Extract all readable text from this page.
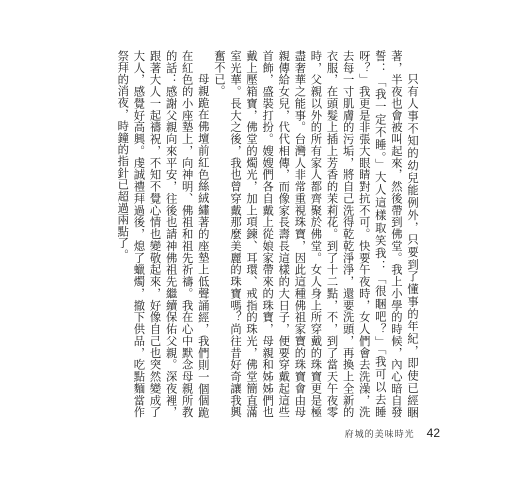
只有人事不知的幼兒能例外，只要到了懂事的年紀，即使已經睏著，半夜也會被叫起來，然後帶到佛堂。我上小學的時候，內心暗自發誓：「我一定不睡。」大人這樣取笑我：「很睏吧？」「我可以去睡呀？」我更是非張大眼睛對抗不可。快要午夜時，女人們會去洗澡，洗去每一寸肌膚的污垢，將自己洗得乾乾淨淨，還要洗頭，再換上全新的衣服，在頭髮上插上芳香的茉莉花。到了十二點，不，到了當天午夜零時，父親以外的所有家人都齊聚於佛堂。女人身上所穿戴的珠寶更是極盡奢華之能事。台灣人非常重視珠寶，因此這種佛祖家寶的珠寶會由母親傳給女兒，代代相傳，而像家長壽長這樣的大日子，便要穿戴起這些首飾，盛裝打扮。嫂嫂們各自戴上從娘家帶來的珠寶，母親和姊姊們也戴上壓箱寶，佛堂的燭光，加上項鍊、耳環、戒指的珠光，佛堂簡直滿室光華。長大之後，我也曾穿戴那麼美麗的珠寶嗎？尚往昔好奇讓我興奮不已。

母親跪在佛壇前紅色絲絨繡著的座墊上低聲誦經，我們則一個個跪在紅色的小座墊上，向神明、佛祖和祖先祈禱。我在心中默念母親所教的話：感謝父親向來平安，往後也請神佛祖先繼續保佑父親。深夜裡，跟著大人一起禱祝，不知不覺心情也變敬起來，好像自己也突然變成了大人，感覺好高興。虔誠禮拜過後，熄了蠟燭，撤下供品，吃點麵當作祭拜的消夜，時鐘的指針已超過兩點了。

府城的美味時光 42
